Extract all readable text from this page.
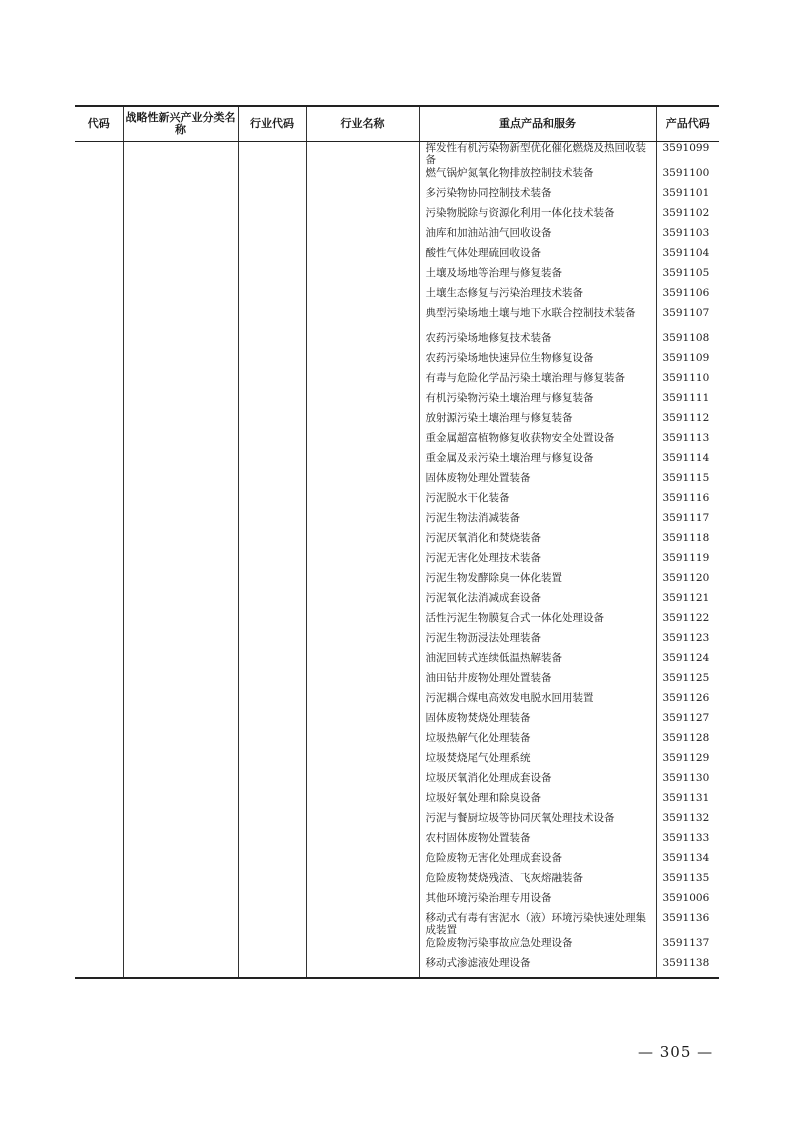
代码	战略性新兴产业分类名称	行业代码	行业名称	重点产品和服务	产品代码
				挥发性有机污染物新型优化催化燃烧及热回收装备	3591099
				燃气锅炉氮氧化物排放控制技术装备	3591100
				多污染物协同控制技术装备	3591101
				污染物脱除与资源化利用一体化技术装备	3591102
				油库和加油站油气回收设备	3591103
				酸性气体处理硫回收设备	3591104
				土壤及场地等治理与修复装备	3591105
				土壤生态修复与污染治理技术装备	3591106
				典型污染场地土壤与地下水联合控制技术装备	3591107
				农药污染场地修复技术装备	3591108
				农药污染场地快速异位生物修复设备	3591109
				有毒与危险化学品污染土壤治理与修复装备	3591110
				有机污染物污染土壤治理与修复装备	3591111
				放射源污染土壤治理与修复装备	3591112
				重金属超富植物修复收获物安全处置设备	3591113
				重金属及汞污染土壤治理与修复设备	3591114
				固体废物处理处置装备	3591115
				污泥脱水干化装备	3591116
				污泥生物法消减装备	3591117
				污泥厌氧消化和焚烧装备	3591118
				污泥无害化处理技术装备	3591119
				污泥生物发酵除臭一体化装置	3591120
				污泥氧化法消减成套设备	3591121
				活性污泥生物膜复合式一体化处理设备	3591122
				污泥生物沥浸法处理装备	3591123
				油泥回转式连续低温热解装备	3591124
				油田钻井废物处理处置装备	3591125
				污泥耦合煤电高效发电脱水回用装置	3591126
				固体废物焚烧处理装备	3591127
				垃圾热解气化处理装备	3591128
				垃圾焚烧尾气处理系统	3591129
				垃圾厌氧消化处理成套设备	3591130
				垃圾好氧处理和除臭设备	3591131
				污泥与餐厨垃圾等协同厌氧处理技术设备	3591132
				农村固体废物处置装备	3591133
				危险废物无害化处理成套设备	3591134
				危险废物焚烧残渣、飞灰熔融装备	3591135
				其他环境污染治理专用设备	3591006
				移动式有毒有害泥水（液）环境污染快速处理集成装置	3591136
				危险废物污染事故应急处理设备	3591137
				移动式渗滤液处理设备	3591138
— 305 —
